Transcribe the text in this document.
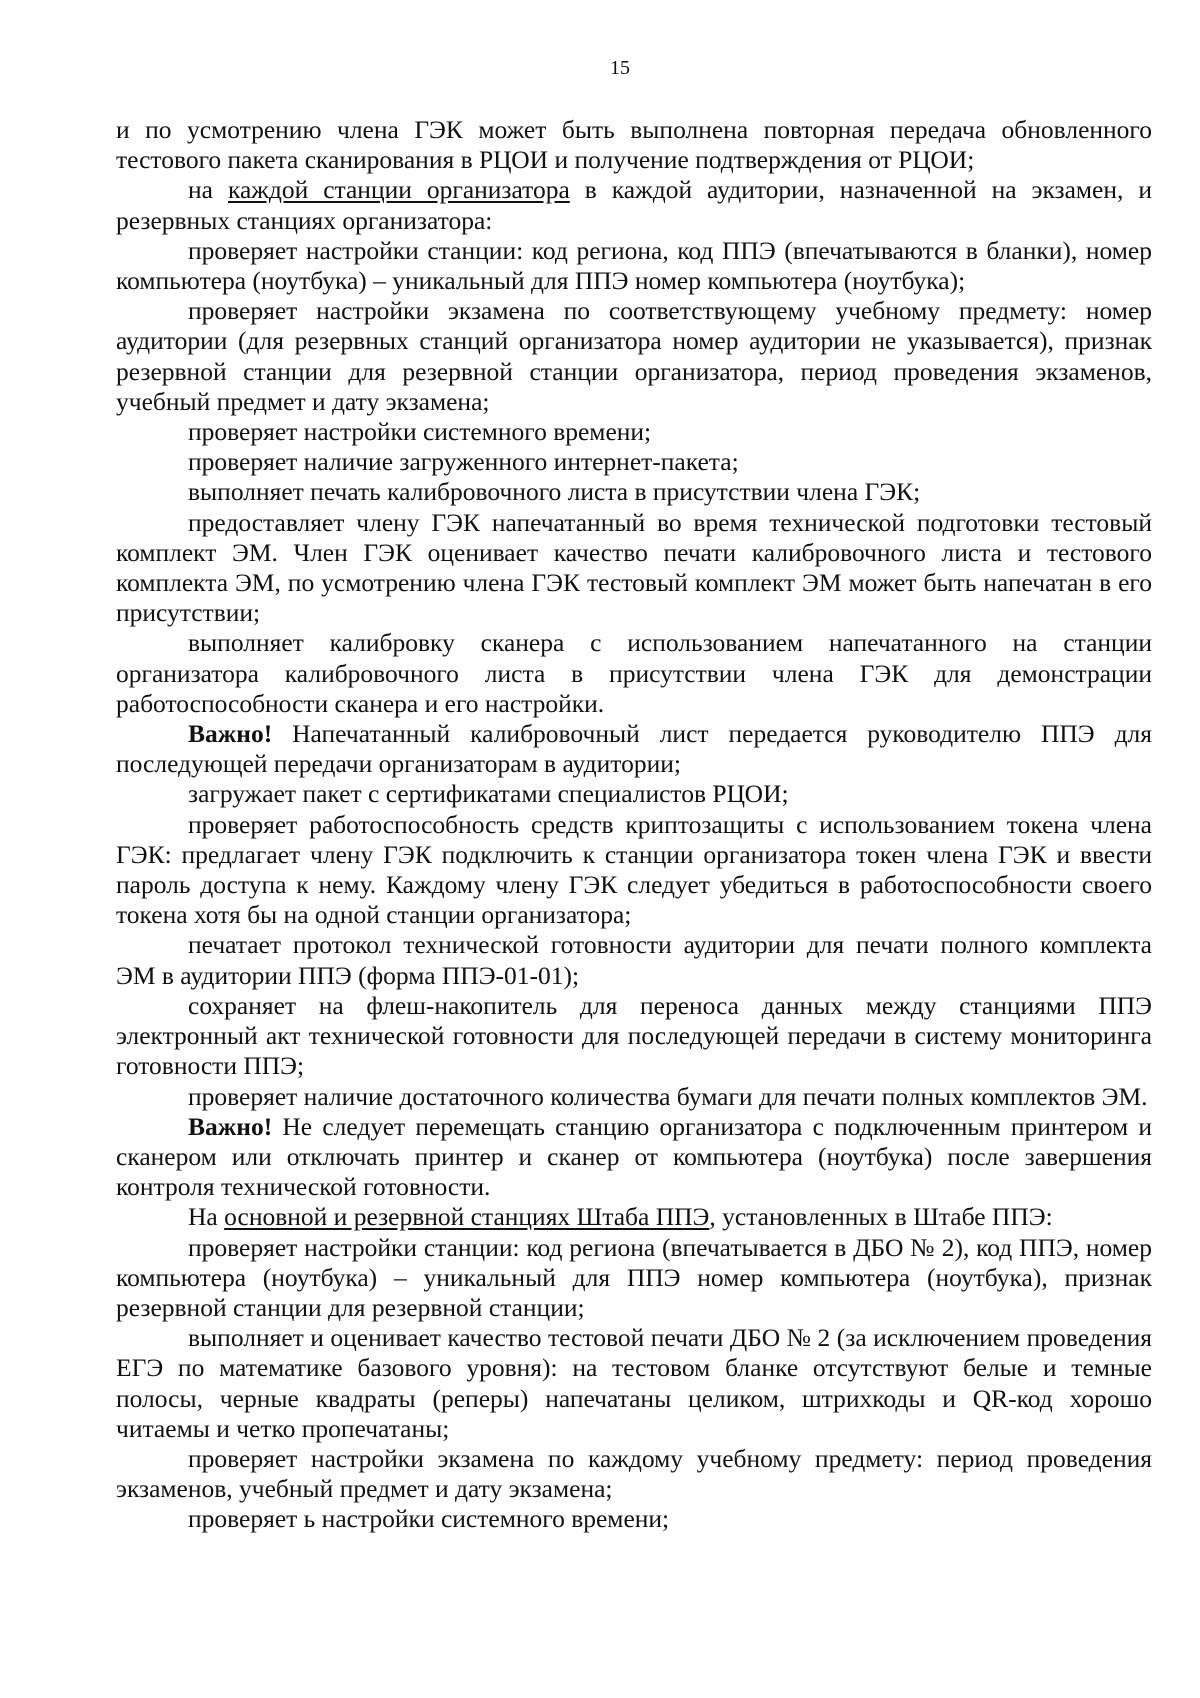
15

и по усмотрению члена ГЭК может быть выполнена повторная передача обновленного тестового пакета сканирования в РЦОИ и получение подтверждения от РЦОИ;

на каждой станции организатора в каждой аудитории, назначенной на экзамен, и резервных станциях организатора:

проверяет настройки станции: код региона, код ППЭ (впечатываются в бланки), номер компьютера (ноутбука) – уникальный для ППЭ номер компьютера (ноутбука);

проверяет настройки экзамена по соответствующему учебному предмету: номер аудитории (для резервных станций организатора номер аудитории не указывается), признак резервной станции для резервной станции организатора, период проведения экзаменов, учебный предмет и дату экзамена;

проверяет настройки системного времени;

проверяет наличие загруженного интернет-пакета;

выполняет печать калибровочного листа в присутствии члена ГЭК;

предоставляет члену ГЭК напечатанный во время технической подготовки тестовый комплект ЭМ. Член ГЭК оценивает качество печати калибровочного листа и тестового комплекта ЭМ, по усмотрению члена ГЭК тестовый комплект ЭМ может быть напечатан в его присутствии;

выполняет калибровку сканера с использованием напечатанного на станции организатора калибровочного листа в присутствии члена ГЭК для демонстрации работоспособности сканера и его настройки.

Важно! Напечатанный калибровочный лист передается руководителю ППЭ для последующей передачи организаторам в аудитории;

загружает пакет с сертификатами специалистов РЦОИ;

проверяет работоспособность средств криптозащиты с использованием токена члена ГЭК: предлагает члену ГЭК подключить к станции организатора токен члена ГЭК и ввести пароль доступа к нему. Каждому члену ГЭК следует убедиться в работоспособности своего токена хотя бы на одной станции организатора;

печатает протокол технической готовности аудитории для печати полного комплекта ЭМ в аудитории ППЭ (форма ППЭ-01-01);

сохраняет на флеш-накопитель для переноса данных между станциями ППЭ электронный акт технической готовности для последующей передачи в систему мониторинга готовности ППЭ;

проверяет наличие достаточного количества бумаги для печати полных комплектов ЭМ.

Важно! Не следует перемещать станцию организатора с подключенным принтером и сканером или отключать принтер и сканер от компьютера (ноутбука) после завершения контроля технической готовности.

На основной и резервной станциях Штаба ППЭ, установленных в Штабе ППЭ:

проверяет настройки станции: код региона (впечатывается в ДБО № 2), код ППЭ, номер компьютера (ноутбука) – уникальный для ППЭ номер компьютера (ноутбука), признак резервной станции для резервной станции;

выполняет и оценивает качество тестовой печати ДБО № 2 (за исключением проведения ЕГЭ по математике базового уровня): на тестовом бланке отсутствуют белые и темные полосы, черные квадраты (реперы) напечатаны целиком, штрихкоды и QR-код хорошо читаемы и четко пропечатаны;

проверяет настройки экзамена по каждому учебному предмету: период проведения экзаменов, учебный предмет и дату экзамена;

проверяет ь настройки системного времени;
